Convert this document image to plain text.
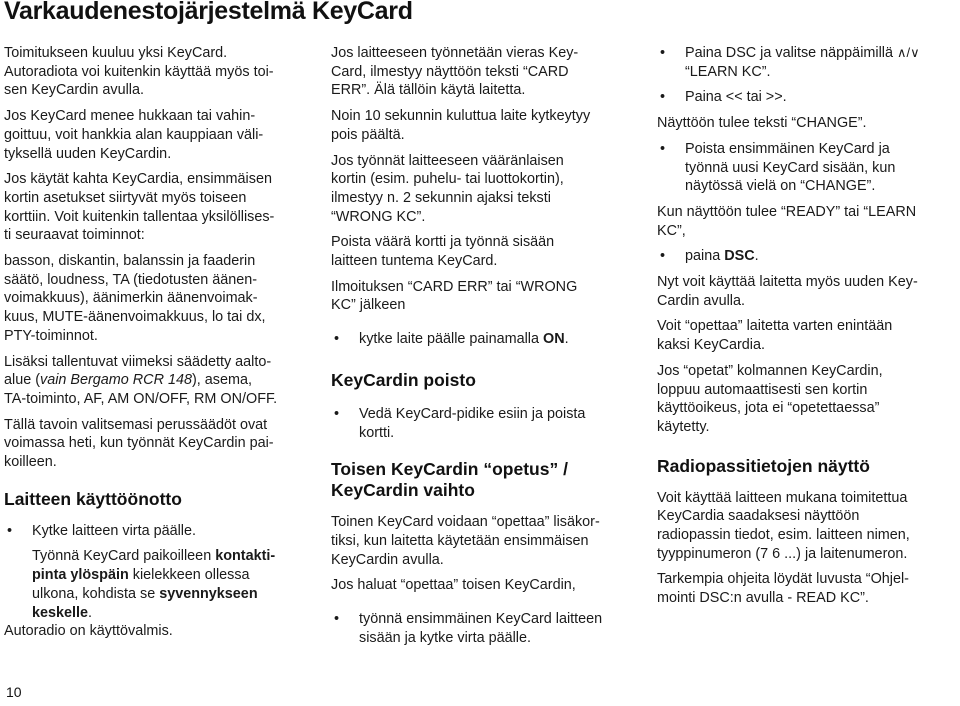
Varkaudenestojärjestelmä KeyCard

Toimitukseen kuuluu yksi KeyCard.
Autoradiota voi kuitenkin käyttää myös toi-
sen KeyCardin avulla.

Jos KeyCard menee hukkaan tai vahin-
goittuu, voit hankkia alan kauppiaan väli-
tyksellä uuden KeyCardin.

Jos käytät kahta KeyCardia, ensimmäisen
kortin asetukset siirtyvät myös toiseen
korttiin. Voit kuitenkin tallentaa yksilöllises-
ti seuraavat toiminnot:

basson, diskantin, balanssin ja faaderin
säätö, loudness, TA (tiedotusten äänen-
voimakkuus), äänimerkin äänenvoimak-
kuus, MUTE-äänenvoimakkuus, lo tai dx,
PTY-toiminnot.

Lisäksi tallentuvat viimeksi säädetty aalto-
alue (vain Bergamo RCR 148), asema,
TA-toiminto, AF, AM ON/OFF, RM ON/OFF.

Tällä tavoin valitsemasi perussäädöt ovat
voimassa heti, kun työnnät KeyCardin pai-
koilleen.

Laitteen käyttöönotto
• Kytke laitteen virta päälle.

Työnnä KeyCard paikoilleen kontakti-
pinta ylöspäin kielekkeen ollessa
ulkona, kohdista se syvennykseen
keskelle.

Autoradio on käyttövalmis.

Jos laitteeseen työnnetään vieras Key-
Card, ilmestyy näyttöön teksti “CARD
ERR”. Älä tällöin käytä laitetta.

Noin 10 sekunnin kuluttua laite kytkeytyy
pois päältä.

Jos työnnät laitteeseen vääränlaisen
kortin (esim. puhelu- tai luottokortin),
ilmestyy n. 2 sekunnin ajaksi teksti
“WRONG KC”.

Poista väärä kortti ja työnnä sisään
laitteen tuntema KeyCard.

Ilmoituksen “CARD ERR” tai “WRONG
KC” jälkeen

• kytke laite päälle painamalla ON.
KeyCardin poisto
• Vedä KeyCard-pidike esiin ja poista
kortti.
Toisen KeyCardin “opetus” /
KeyCardin vaihto

Toinen KeyCard voidaan “opettaa” lisäkor-
tiksi, kun laitetta käytetään ensimmäisen
KeyCardin avulla.

Jos haluat “opettaa” toisen KeyCardin,

• työnnä ensimmäinen KeyCard laitteen
sisään ja kytke virta päälle.
• Paina DSC ja valitse näppäimillä ∧/∨
“LEARN KC”.
• Paina << tai >>.

Näyttöön tulee teksti “CHANGE”.

• Poista ensimmäinen KeyCard ja
työnnä uusi KeyCard sisään, kun
näytössä vielä on “CHANGE”.

Kun näyttöön tulee “READY” tai “LEARN
KC”,

• paina DSC.

Nyt voit käyttää laitetta myös uuden Key-
Cardin avulla.

Voit “opettaa” laitetta varten enintään
kaksi KeyCardia.

Jos “opetat” kolmannen KeyCardin,
loppuu automaattisesti sen kortin
käyttöoikeus, jota ei “opetettaessa”
käytetty.

Radiopassitietojen näyttö

Voit käyttää laitteen mukana toimitettua
KeyCardia saadaksesi näyttöön
radiopassin tiedot, esim. laitteen nimen,
tyyppinumeron (7 6 ...) ja laitenumeron.

Tarkempia ohjeita löydät luvusta “Ohjel-
mointi DSC:n avulla - READ KC”.

10
